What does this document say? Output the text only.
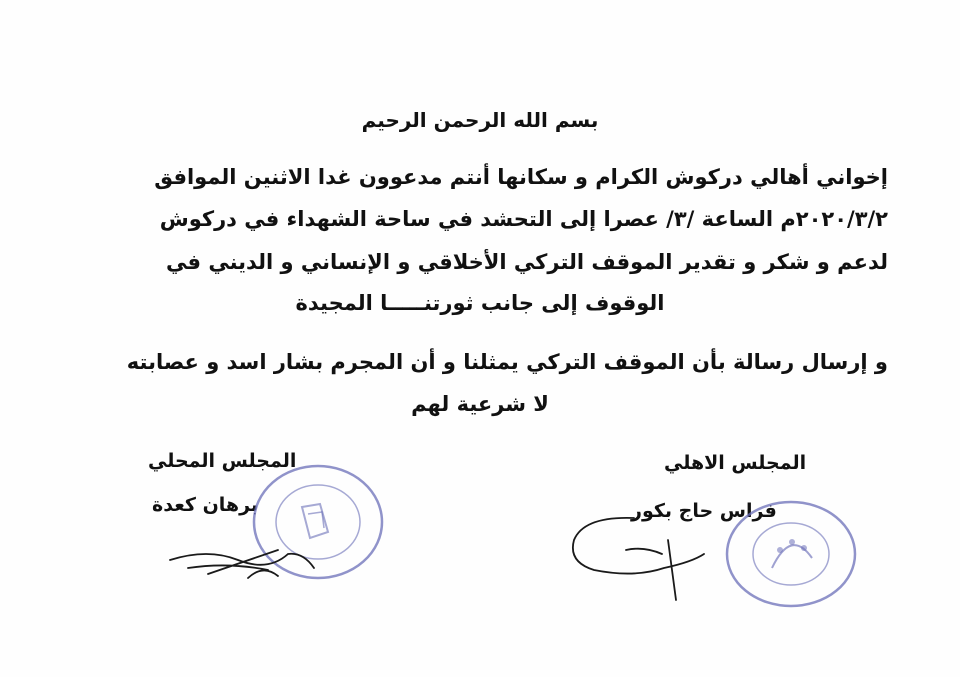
بسم الله الرحمن الرحيم
إخواني أهالي دركوش الكرام و سكانها أنتم مدعوون غدا الاثنين الموافق
٢٠٢٠/٣/٢م الساعة /٣/ عصرا إلى التحشد في ساحة الشهداء في دركوش
لدعم و شكر و تقدير الموقف التركي الأخلاقي و الإنساني و الديني في
الوقوف إلى جانب ثورتنـــــا المجيدة
و إرسال رسالة بأن الموقف التركي يمثلنا و أن المجرم بشار اسد و عصابته
لا شرعية لهم
المجلس المحلي
برهان كعدة
المجلس الاهلي
فراس حاج بكور
